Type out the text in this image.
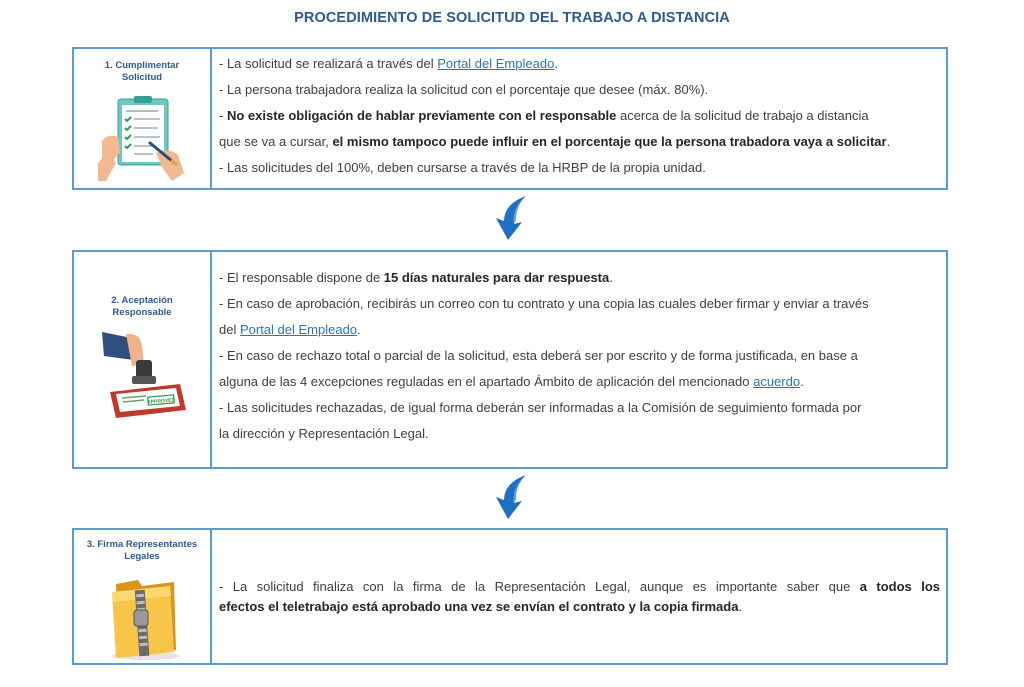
PROCEDIMIENTO DE SOLICITUD DEL TRABAJO A DISTANCIA
1. Cumplimentar Solicitud
- La solicitud se realizará a través del Portal del Empleado.
- La persona trabajadora realiza la solicitud con el porcentaje que desee (máx. 80%).
- No existe obligación de hablar previamente con el responsable acerca de la solicitud de trabajo a distancia
que se va a cursar, el mismo tampoco puede influir en el porcentaje que la persona trabadora vaya a solicitar.
- Las solicitudes del 100%, deben cursarse a través de la HRBP de la propia unidad.
2. Aceptación Responsable
APPROVED
- El responsable dispone de 15 días naturales para dar respuesta.
- En caso de aprobación, recibirás un correo con tu contrato y una copia las cuales deber firmar y enviar a través
del Portal del Empleado.
- En caso de rechazo total o parcial de la solicitud, esta deberá ser por escrito y de forma justificada, en base a
alguna de las 4 excepciones reguladas en el apartado Ámbito de aplicación del mencionado acuerdo.
- Las solicitudes rechazadas, de igual forma deberán ser informadas a la Comisión de seguimiento formada por
la dirección y Representación Legal.
3. Firma Representantes Legales
- La solicitud finaliza con la firma de la Representación Legal, aunque es importante saber que a todos los
efectos el teletrabajo está aprobado una vez se envían el contrato y la copia firmada.
